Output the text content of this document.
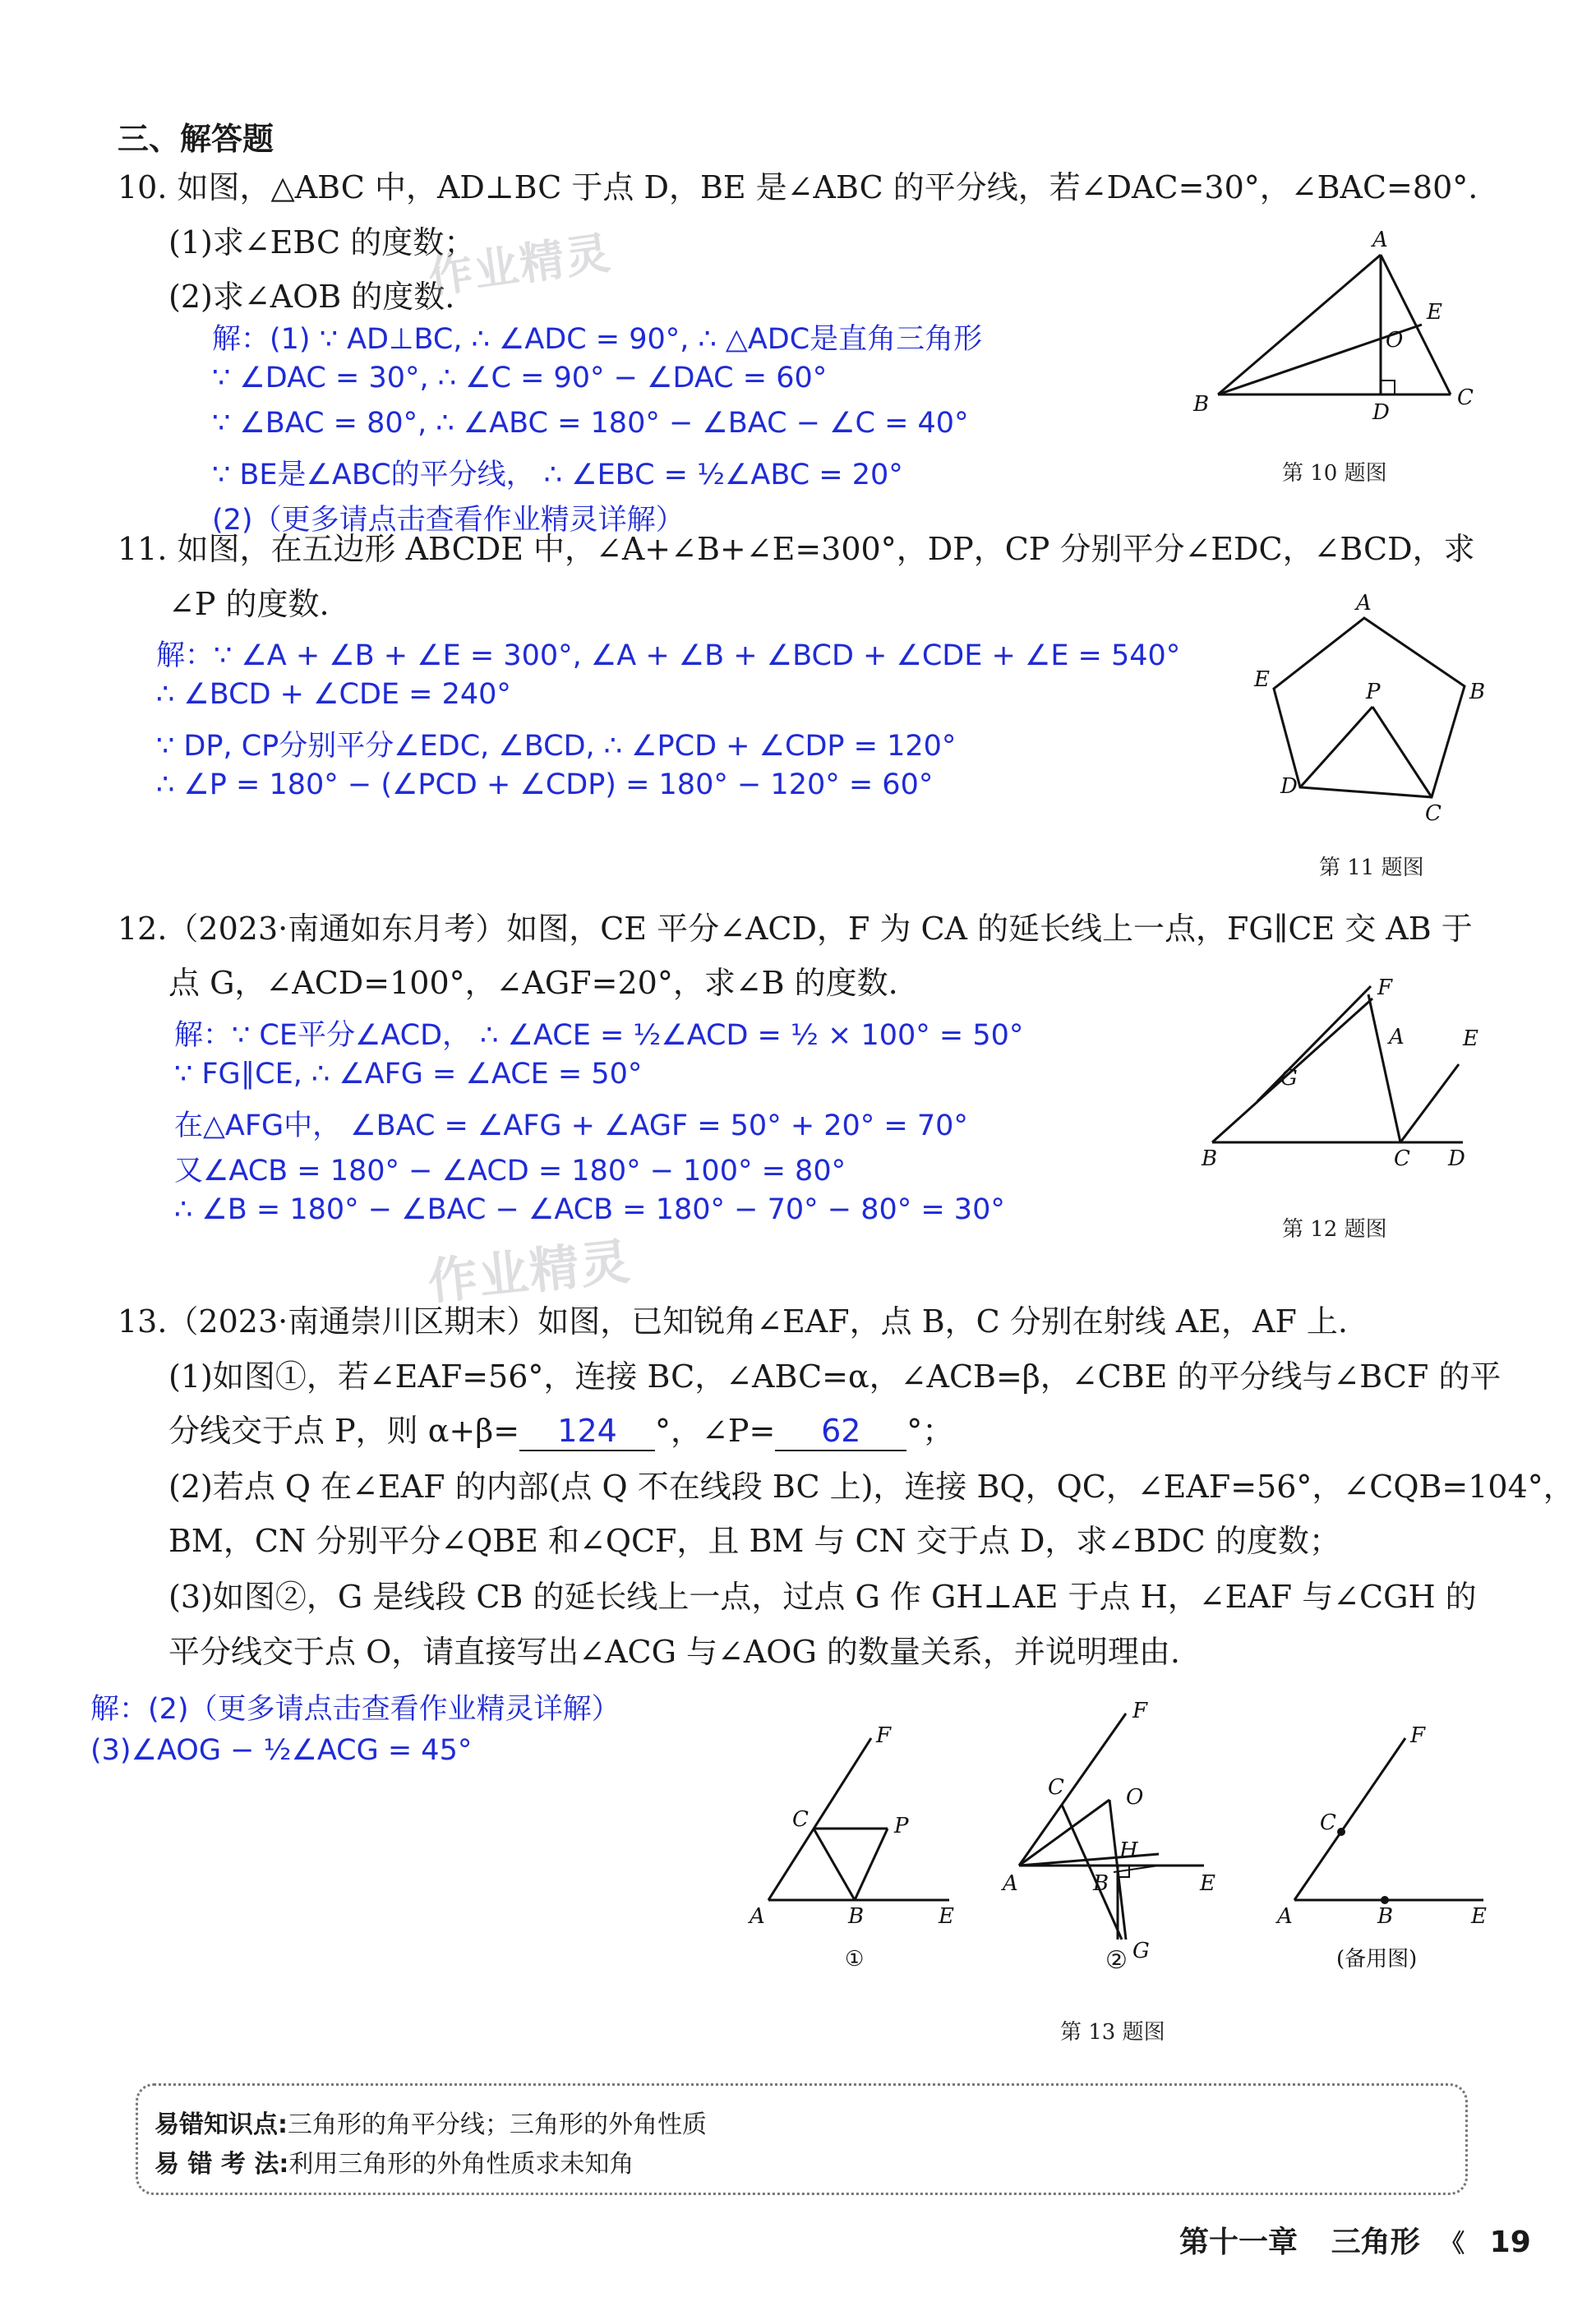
三、解答题
10. 如图，△ABC 中，AD⊥BC 于点 D，BE 是∠ABC 的平分线，若∠DAC=30°，∠BAC=80°.
(1)求∠EBC 的度数；
(2)求∠AOB 的度数.
作业精灵
解：(1) ∵ AD⊥BC, ∴ ∠ADC = 90°, ∴ △ADC是直角三角形
∵ ∠DAC = 30°, ∴ ∠C = 90° − ∠DAC = 60°
∵ ∠BAC = 80°, ∴ ∠ABC = 180° − ∠BAC − ∠C = 40°
∵ BE是∠ABC的平分线， ∴ ∠EBC = ½∠ABC = 20°
(2)（更多请点击查看作业精灵详解）
A
B	C
D
E
O
第 10 题图
11. 如图，在五边形 ABCDE 中，∠A+∠B+∠E=300°，DP，CP 分别平分∠EDC，∠BCD，求
∠P 的度数.
解：∵ ∠A + ∠B + ∠E = 300°, ∠A + ∠B + ∠BCD + ∠CDE + ∠E = 540°
∴ ∠BCD + ∠CDE = 240°
∵ DP, CP分别平分∠EDC, ∠BCD, ∴ ∠PCD + ∠CDP = 120°
∴ ∠P = 180° − (∠PCD + ∠CDP) = 180° − 120° = 60°
A
B
C
D
E	P
第 11 题图
12.（2023·南通如东月考）如图，CE 平分∠ACD，F 为 CA 的延长线上一点，FG∥CE 交 AB 于
点 G，∠ACD=100°，∠AGF=20°，求∠B 的度数.
解：∵ CE平分∠ACD， ∴ ∠ACE = ½∠ACD = ½ × 100° = 50°
∵ FG∥CE, ∴ ∠AFG = ∠ACE = 50°
在△AFG中， ∠BAC = ∠AFG + ∠AGF = 50° + 20° = 70°
又∠ACB = 180° − ∠ACD = 180° − 100° = 80°
∴ ∠B = 180° − ∠BAC − ∠ACB = 180° − 70° − 80° = 30°
作业精灵
F
A	E
G
B	C D
第 12 题图
13.（2023·南通崇川区期末）如图，已知锐角∠EAF，点 B，C 分别在射线 AE，AF 上.
(1)如图①，若∠EAF=56°，连接 BC，∠ABC=α，∠ACB=β，∠CBE 的平分线与∠BCF 的平
分线交于点 P，则 α+β= 124 °，∠P= 62 °；
(2)若点 Q 在∠EAF 的内部(点 Q 不在线段 BC 上)，连接 BQ，QC，∠EAF=56°，∠CQB=104°，
BM，CN 分别平分∠QBE 和∠QCF，且 BM 与 CN 交于点 D，求∠BDC 的度数；
(3)如图②，G 是线段 CB 的延长线上一点，过点 G 作 GH⊥AE 于点 H，∠EAF 与∠CGH 的
平分线交于点 O，请直接写出∠ACG 与∠AOG 的数量关系，并说明理由.
解：(2)（更多请点击查看作业精灵详解）
(3)∠AOG − ½∠ACG = 45°
A	B	E
C	P
F
①
C	O
F
H
A	B	E
G
②
A	B	E
C
F
(备用图)
第 13 题图
易错知识点:三角形的角平分线；三角形的外角性质
易 错 考 法:利用三角形的外角性质求未知角
第十一章 三角形 《 19
